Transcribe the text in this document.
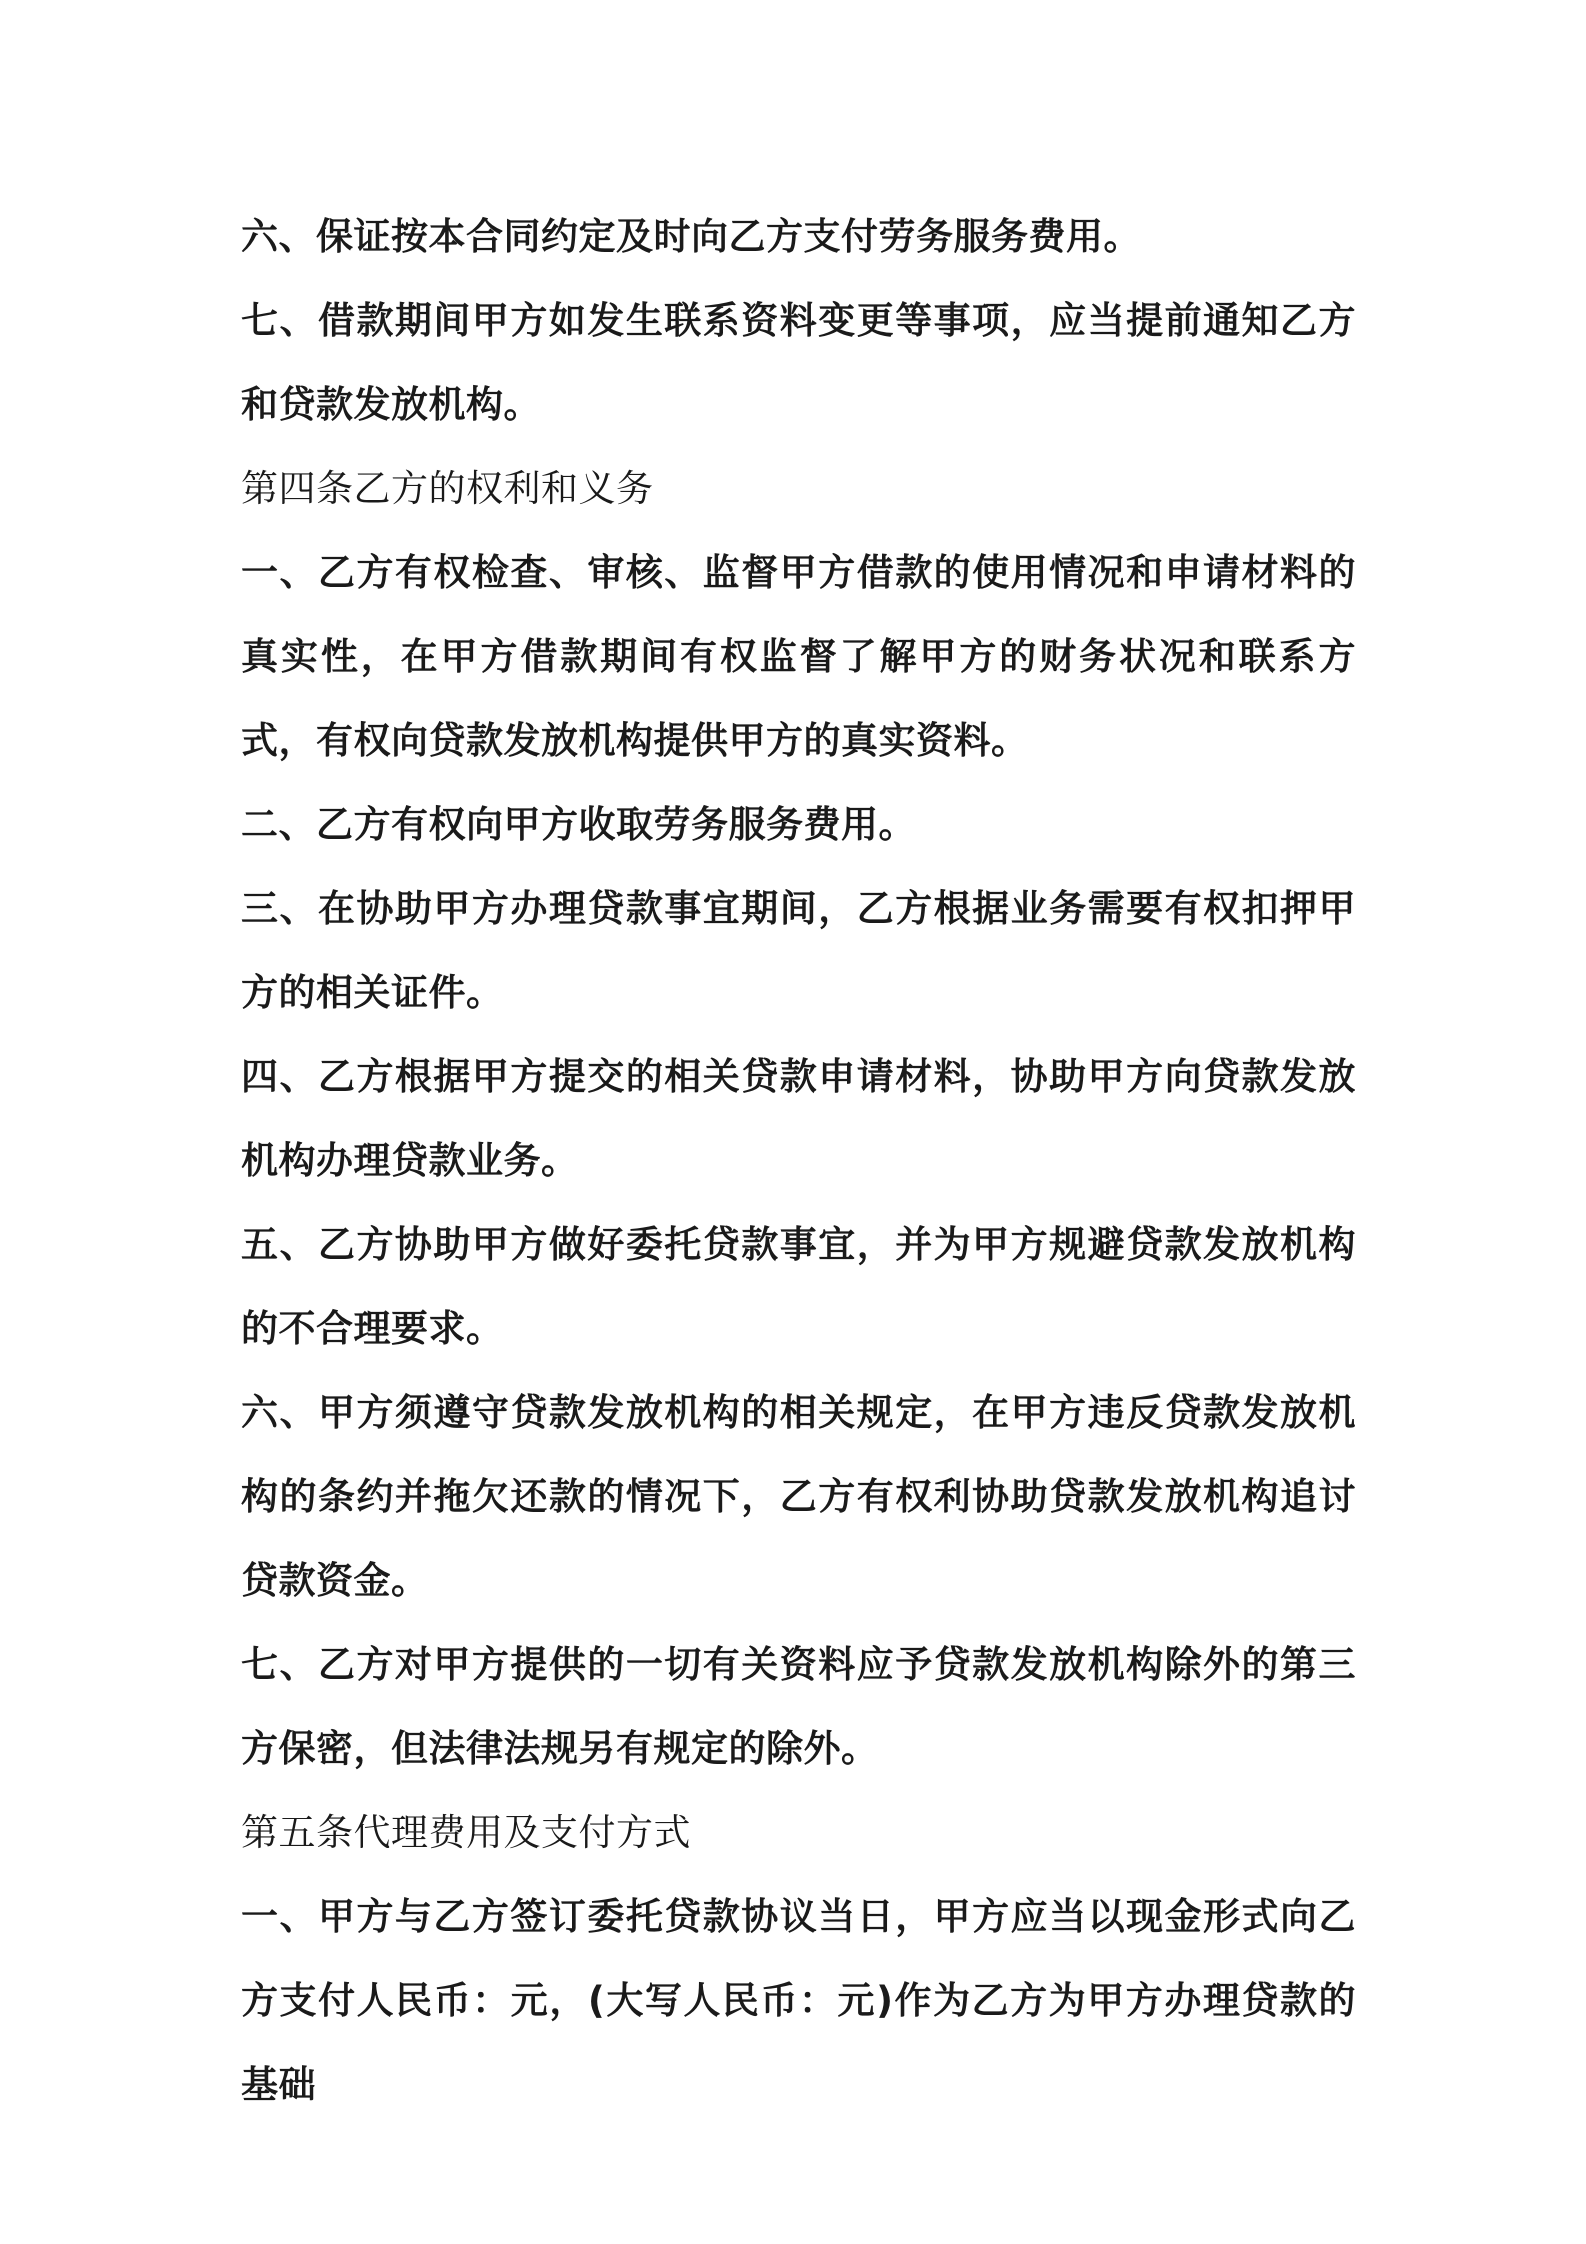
六、保证按本合同约定及时向乙方支付劳务服务费用。

七、借款期间甲方如发生联系资料变更等事项，应当提前通知乙方和贷款发放机构。

第四条乙方的权利和义务

一、乙方有权检查、审核、监督甲方借款的使用情况和申请材料的真实性，在甲方借款期间有权监督了解甲方的财务状况和联系方式，有权向贷款发放机构提供甲方的真实资料。

二、乙方有权向甲方收取劳务服务费用。

三、在协助甲方办理贷款事宜期间，乙方根据业务需要有权扣押甲方的相关证件。

四、乙方根据甲方提交的相关贷款申请材料，协助甲方向贷款发放机构办理贷款业务。

五、乙方协助甲方做好委托贷款事宜，并为甲方规避贷款发放机构的不合理要求。

六、甲方须遵守贷款发放机构的相关规定，在甲方违反贷款发放机构的条约并拖欠还款的情况下，乙方有权利协助贷款发放机构追讨贷款资金。

七、乙方对甲方提供的一切有关资料应予贷款发放机构除外的第三方保密，但法律法规另有规定的除外。

第五条代理费用及支付方式

一、甲方与乙方签订委托贷款协议当日，甲方应当以现金形式向乙方支付人民币：元，(大写人民币：元)作为乙方为甲方办理贷款的基础
